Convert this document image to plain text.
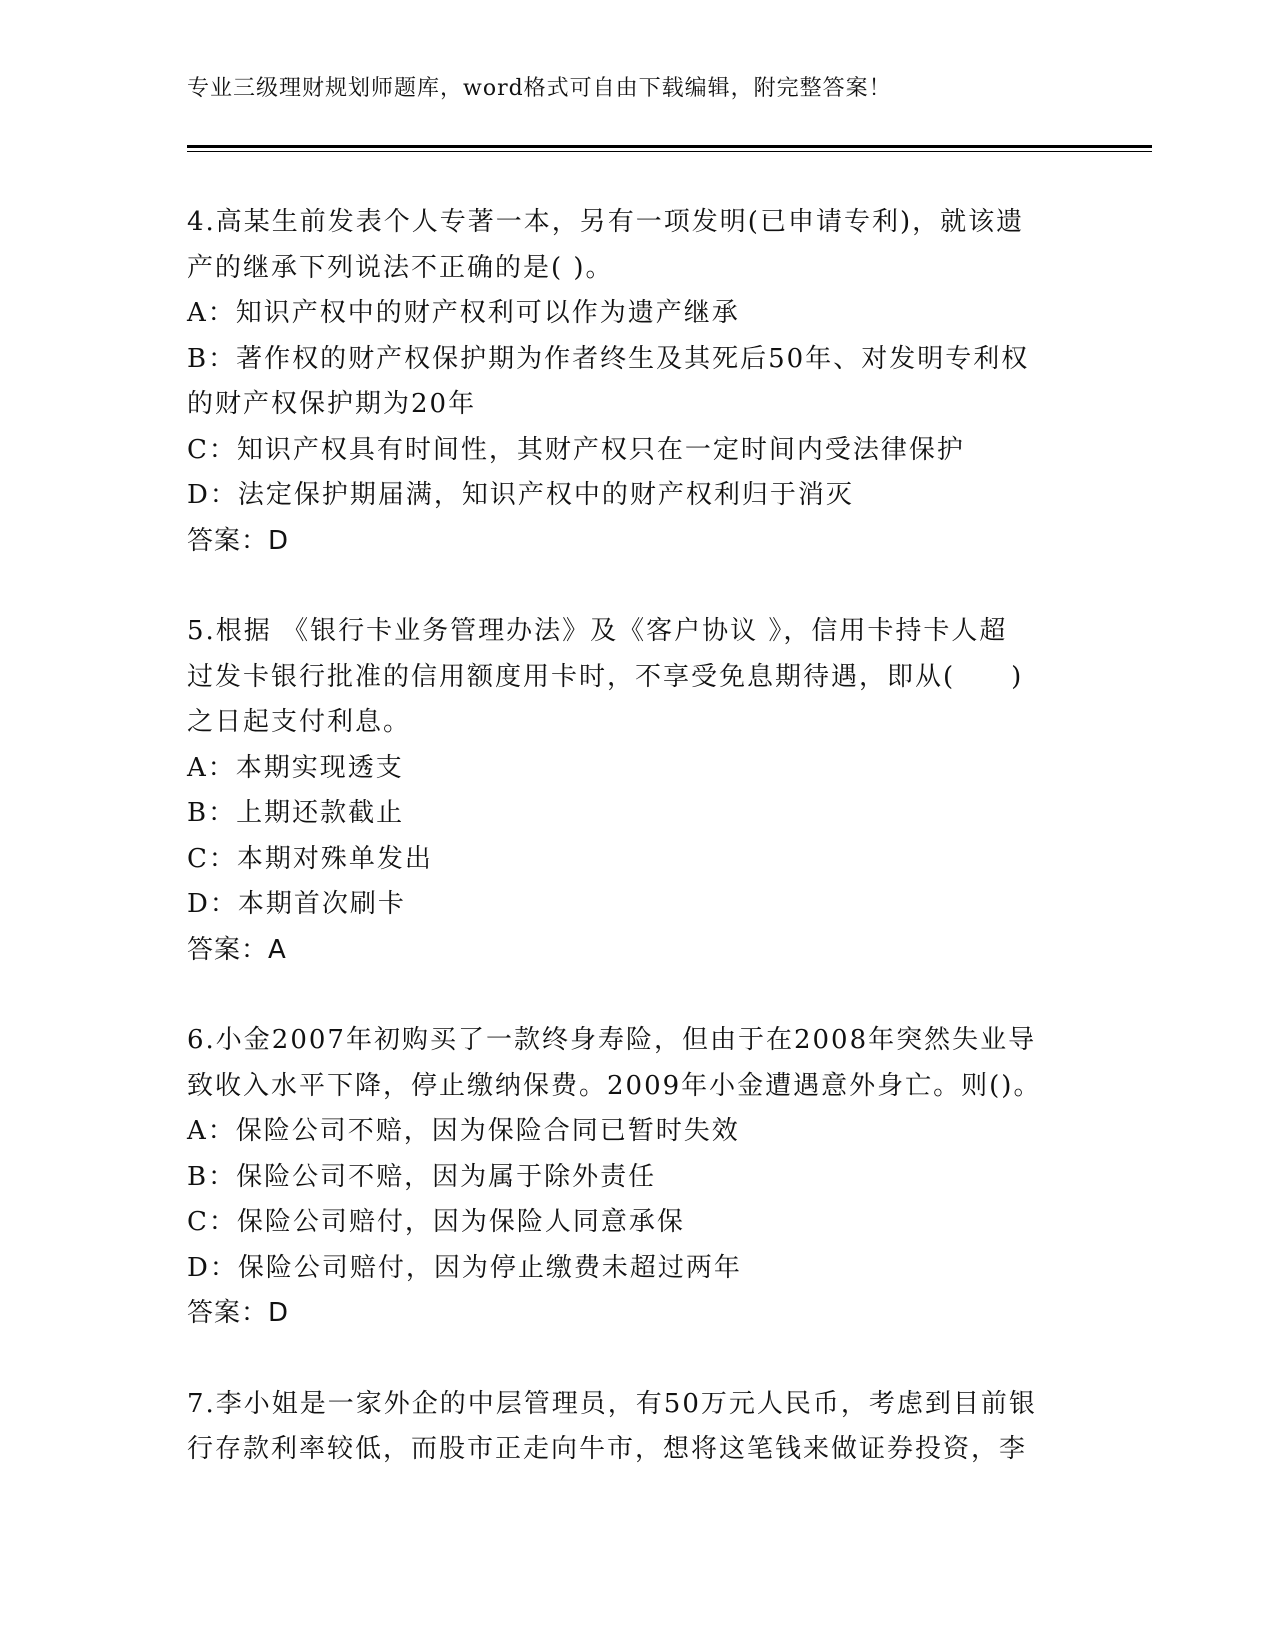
专业三级理财规划师题库，word格式可自由下载编辑，附完整答案！
4.高某生前发表个人专著一本，另有一项发明(已申请专利)，就该遗
产的继承下列说法不正确的是( )。
A：知识产权中的财产权利可以作为遗产继承
B：著作权的财产权保护期为作者终生及其死后50年、对发明专利权
的财产权保护期为20年
C：知识产权具有时间性，其财产权只在一定时间内受法律保护
D：法定保护期届满，知识产权中的财产权利归于消灭
答案：D
5.根据 《银行卡业务管理办法》及《客户协议 》，信用卡持卡人超
过发卡银行批准的信用额度用卡时，不享受免息期待遇，即从(　　)
之日起支付利息。
A：本期实现透支
B：上期还款截止
C：本期对殊单发出
D：本期首次刷卡
答案：A
6.小金2007年初购买了一款终身寿险，但由于在2008年突然失业导
致收入水平下降，停止缴纳保费。2009年小金遭遇意外身亡。则()。
A：保险公司不赔，因为保险合同已暂时失效
B：保险公司不赔，因为属于除外责任
C：保险公司赔付，因为保险人同意承保
D：保险公司赔付，因为停止缴费未超过两年
答案：D
7.李小姐是一家外企的中层管理员，有50万元人民币，考虑到目前银
行存款利率较低，而股市正走向牛市，想将这笔钱来做证券投资，李
